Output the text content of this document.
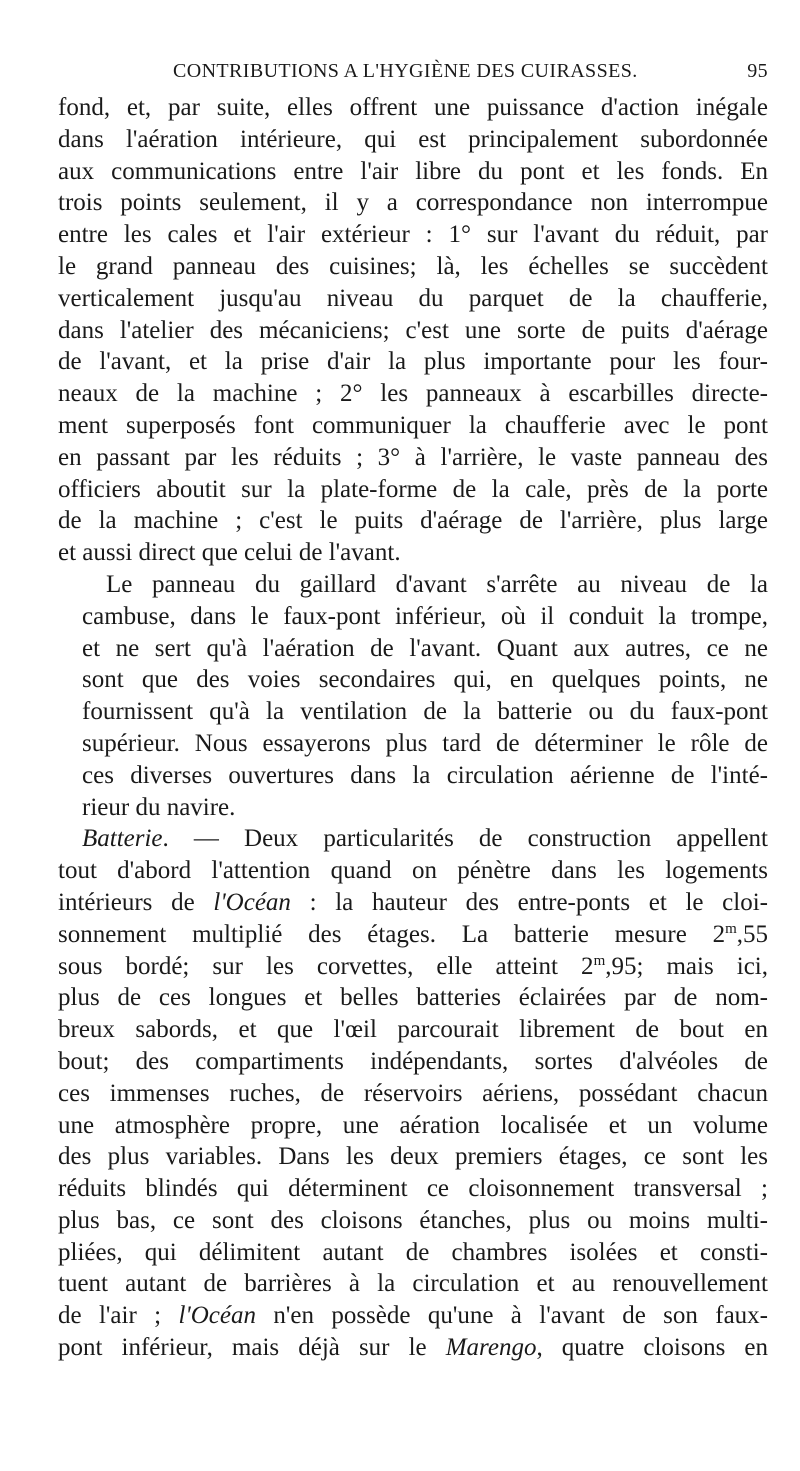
CONTRIBUTIONS A L'HYGIÈNE DES CUIRASSES.	95

fond, et, par suite, elles offrent une puissance d'action inégale
dans l'aération intérieure, qui est principalement subordonnée
aux communications entre l'air libre du pont et les fonds. En
trois points seulement, il y a correspondance non interrompue
entre les cales et l'air extérieur : 1° sur l'avant du réduit, par
le grand panneau des cuisines; là, les échelles se succèdent
verticalement jusqu'au niveau du parquet de la chaufferie,
dans l'atelier des mécaniciens; c'est une sorte de puits d'aérage
de l'avant, et la prise d'air la plus importante pour les four-
neaux de la machine ; 2° les panneaux à escarbilles directe-
ment superposés font communiquer la chaufferie avec le pont
en passant par les réduits ; 3° à l'arrière, le vaste panneau des
officiers aboutit sur la plate-forme de la cale, près de la porte
de la machine ; c'est le puits d'aérage de l'arrière, plus large
et aussi direct que celui de l'avant.

Le panneau du gaillard d'avant s'arrête au niveau de la
cambuse, dans le faux-pont inférieur, où il conduit la trompe,
et ne sert qu'à l'aération de l'avant. Quant aux autres, ce ne
sont que des voies secondaires qui, en quelques points, ne
fournissent qu'à la ventilation de la batterie ou du faux-pont
supérieur. Nous essayerons plus tard de déterminer le rôle de
ces diverses ouvertures dans la circulation aérienne de l'inté-
rieur du navire.

Batterie. — Deux particularités de construction appellent
tout d'abord l'attention quand on pénètre dans les logements
intérieurs de l'Océan : la hauteur des entre-ponts et le cloi-
sonnement multiplié des étages. La batterie mesure 2$^m$,55
sous bordé; sur les corvettes, elle atteint 2$^m$,95; mais ici,
plus de ces longues et belles batteries éclairées par de nom-
breux sabords, et que l'œil parcourait librement de bout en
bout; des compartiments indépendants, sortes d'alvéoles de
ces immenses ruches, de réservoirs aériens, possédant chacun
une atmosphère propre, une aération localisée et un volume
des plus variables. Dans les deux premiers étages, ce sont les
réduits blindés qui déterminent ce cloisonnement transversal ;
plus bas, ce sont des cloisons étanches, plus ou moins multi-
pliées, qui délimitent autant de chambres isolées et consti-
tuent autant de barrières à la circulation et au renouvellement
de l'air ; l'Océan n'en possède qu'une à l'avant de son faux-
pont inférieur, mais déjà sur le Marengo, quatre cloisons en
